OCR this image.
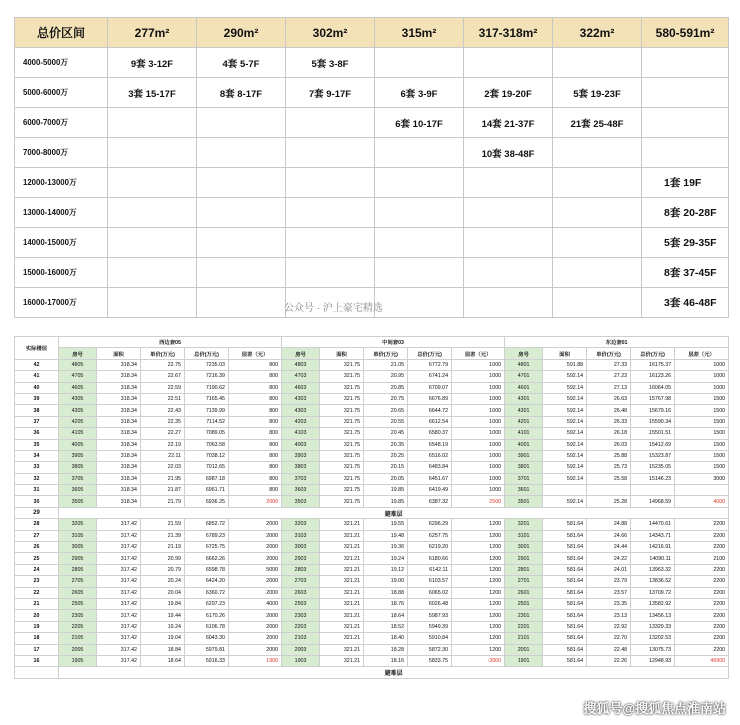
总价区间	277m²	290m²	302m²	315m²	317-318m²	322m²	580-591m²
4000-5000万	9套 3-12F	4套 5-7F	5套 3-8F				
5000-6000万	3套 15-17F	8套 8-17F	7套 9-17F	6套 3-9F	2套 19-20F	5套 19-23F	
6000-7000万				6套 10-17F	14套 21-37F	21套 25-48F	
7000-8000万					10套 38-48F		
12000-13000万							1套 19F
13000-14000万							8套 20-28F
14000-15000万							5套 29-35F
15000-16000万							8套 37-45F
16000-17000万							3套 46-48F
公众号 · 沪上豪宅精选
实际楼层	西边套05					中间套03					东边套01				
	房号	面积	单价(万元)	总价(万元)	层差（元）	房号	面积	单价(万元)	总价(万元)	层差（元）	房号	面积	单价(万元)	总价(万元)	层差（元）
42	4805	318.34	22.75	7235.03	800	4803	321.75	21.05	6772.79	1000	4801	591.88	27.33	16175.37	1000
41	4705	318.34	22.67	7216.39	800	4703	321.75	20.95	6741.24	1000	4701	592.14	27.23	16123.26	1000
40	4605	318.34	22.59	7190.62	800	4603	321.75	20.85	6709.07	1000	4601	592.14	27.13	16064.05	1000
39	4305	318.34	22.51	7165.45	800	4303	321.75	20.75	6676.89	1000	4301	592.14	26.63	15767.98	1500
38	4305	318.34	22.43	7139.99	800	4303	321.75	20.65	6644.72	1000	4301	592.14	26.48	15679.16	1500
37	4205	318.34	22.35	7114.52	800	4203	321.75	20.55	6612.54	1000	4201	592.14	26.33	15590.34	1500
36	4105	318.34	22.27	7089.05	800	4103	321.75	20.45	6580.37	1000	4101	592.14	26.18	15501.51	1500
35	4005	318.34	22.19	7063.58	800	4003	321.75	20.35	6548.19	1000	4001	592.14	26.03	15412.69	1500
34	3905	318.34	22.11	7038.12	800	3903	321.75	20.25	6516.02	1000	3901	592.14	25.88	15323.87	1500
33	3805	318.34	22.03	7012.65	800	3803	321.75	20.15	6483.84	1000	3801	592.14	25.73	15235.05	1500
32	3705	318.34	21.95	6987.18	800	3703	321.75	20.05	6451.67	1000	3701	592.14	25.58	15146.23	3000
31	3605	318.34	21.87	6961.71	800	3603	321.75	19.85	6419.49	1000	3601				
30	3505	318.34	21.79	6936.25	2000	3503	321.75	19.85	6387.32	2500	3501	592.14	25.28	14968.59	4000
29	避难层														
28	3205	317.42	21.59	6852.72	2000	3203	321.21	19.55	6296.29	1200	3201	581.64	24.88	14470.61	2200
27	3105	317.42	21.39	6789.23	2000	3103	321.21	19.48	6257.75	1200	3101	581.64	24.66	14343.71	2200
26	3005	317.42	21.19	6725.75	2000	3003	321.21	19.36	6219.20	1200	3001	581.64	24.44	14216.91	2200
25	2905	317.42	20.99	6662.26	2000	2903	321.21	19.24	6180.66	1200	2901	581.64	24.22	14090.11	2100
24	2805	317.42	20.79	6598.78	5000	2803	321.21	19.12	6142.11	1200	2801	581.64	24.01	13963.32	2200
23	2705	317.42	20.24	6424.20	2000	2703	321.21	19.00	6103.57	1200	2701	581.64	23.79	13836.52	2200
22	2605	317.42	20.04	6360.72	2000	2603	321.21	18.88	6065.02	1200	2601	581.64	23.57	13709.72	2200
21	2505	317.42	19.84	6297.23	4000	2503	321.21	18.76	6026.48	1200	2501	581.64	23.35	13582.92	2200
20	2305	317.42	19.44	6170.26	2000	2303	321.21	18.64	5987.93	1200	2301	581.64	23.13	13456.13	2200
19	2205	317.42	19.24	6106.78	2000	2203	321.21	18.52	5949.39	1200	2201	581.64	22.92	13329.33	2200
18	2105	317.42	19.04	6043.30	2000	2103	321.21	18.40	5910.84	1200	2101	581.64	22.70	13202.53	2200
17	2005	317.42	18.84	5979.81	2000	2003	321.21	18.28	5872.30	1200	2001	581.64	22.48	13075.73	2200
16	1905	317.42	18.64	5916.33	1900	1903	321.21	18.16	5833.75	-3000	1901	581.64	22.26	12948.93	46900
	避难层														
搜狐号@搜狐焦点淮南站
